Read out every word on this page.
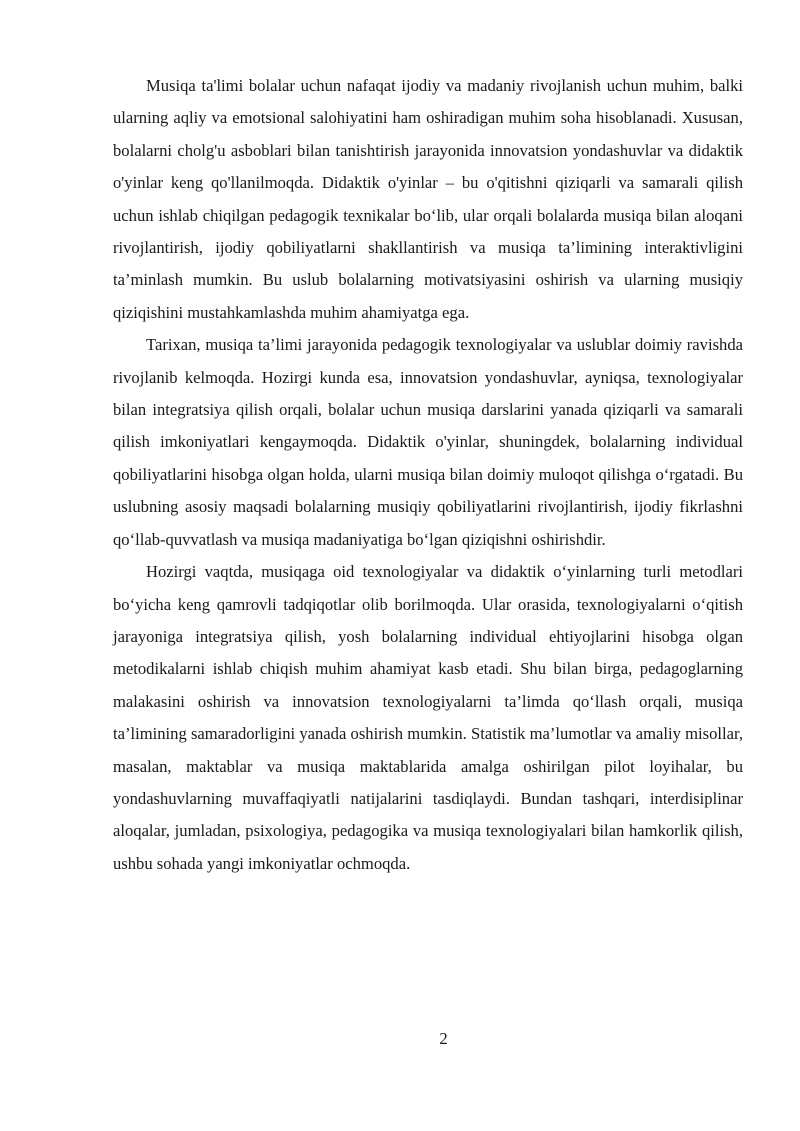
Musiqa ta'limi bolalar uchun nafaqat ijodiy va madaniy rivojlanish uchun muhim, balki ularning aqliy va emotsional salohiyatini ham oshiradigan muhim soha hisoblanadi. Xususan, bolalarni cholg'u asboblari bilan tanishtirish jarayonida innovatsion yondashuvlar va didaktik o'yinlar keng qo'llanilmoqda. Didaktik o'yinlar – bu o'qitishni qiziqarli va samarali qilish uchun ishlab chiqilgan pedagogik texnikalar bo‘lib, ular orqali bolalarda musiqa bilan aloqani rivojlantirish, ijodiy qobiliyatlarni shakllantirish va musiqa ta’limining interaktivligini ta’minlash mumkin. Bu uslub bolalarning motivatsiyasini oshirish va ularning musiqiy qiziqishini mustahkamlashda muhim ahamiyatga ega.

Tarixan, musiqa ta’limi jarayonida pedagogik texnologiyalar va uslublar doimiy ravishda rivojlanib kelmoqda. Hozirgi kunda esa, innovatsion yondashuvlar, ayniqsa, texnologiyalar bilan integratsiya qilish orqali, bolalar uchun musiqa darslarini yanada qiziqarli va samarali qilish imkoniyatlari kengaymoqda. Didaktik o'yinlar, shuningdek, bolalarning individual qobiliyatlarini hisobga olgan holda, ularni musiqa bilan doimiy muloqot qilishga o‘rgatadi. Bu uslubning asosiy maqsadi bolalarning musiqiy qobiliyatlarini rivojlantirish, ijodiy fikrlashni qo‘llab-quvvatlash va musiqa madaniyatiga bo‘lgan qiziqishni oshirishdir.

Hozirgi vaqtda, musiqaga oid texnologiyalar va didaktik o‘yinlarning turli metodlari bo‘yicha keng qamrovli tadqiqotlar olib borilmoqda. Ular orasida, texnologiyalarni o‘qitish jarayoniga integratsiya qilish, yosh bolalarning individual ehtiyojlarini hisobga olgan metodikalarni ishlab chiqish muhim ahamiyat kasb etadi. Shu bilan birga, pedagoglarning malakasini oshirish va innovatsion texnologiyalarni ta’limda qo‘llash orqali, musiqa ta’limining samaradorligini yanada oshirish mumkin. Statistik ma’lumotlar va amaliy misollar, masalan, maktablar va musiqa maktablarida amalga oshirilgan pilot loyihalar, bu yondashuvlarning muvaffaqiyatli natijalarini tasdiqlaydi. Bundan tashqari, interdisiplinar aloqalar, jumladan, psixologiya, pedagogika va musiqa texnologiyalari bilan hamkorlik qilish, ushbu sohada yangi imkoniyatlar ochmoqda.

2
